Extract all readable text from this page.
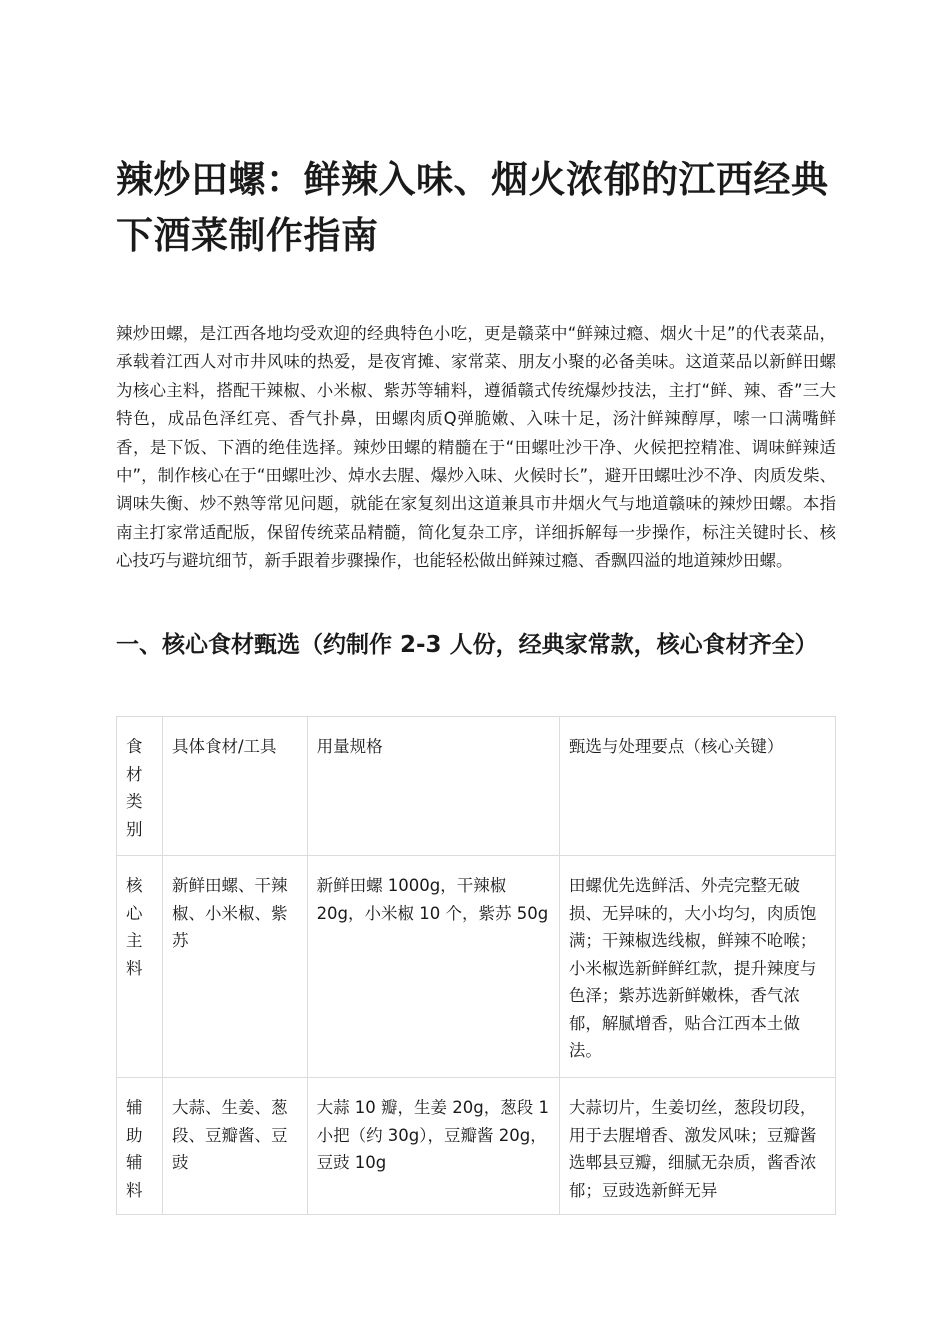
辣炒田螺：鲜辣入味、烟火浓郁的江西经典下酒菜制作指南

辣炒田螺，是江西各地均受欢迎的经典特色小吃，更是赣菜中“鲜辣过瘾、烟火十足”的代表菜品，承载着江西人对市井风味的热爱，是夜宵摊、家常菜、朋友小聚的必备美味。这道菜品以新鲜田螺为核心主料，搭配干辣椒、小米椒、紫苏等辅料，遵循赣式传统爆炒技法，主打“鲜、辣、香”三大特色，成品色泽红亮、香气扑鼻，田螺肉质Q弹脆嫩、入味十足，汤汁鲜辣醇厚，嗦一口满嘴鲜香，是下饭、下酒的绝佳选择。辣炒田螺的精髓在于“田螺吐沙干净、火候把控精准、调味鲜辣适中”，制作核心在于“田螺吐沙、焯水去腥、爆炒入味、火候时长”，避开田螺吐沙不净、肉质发柴、调味失衡、炒不熟等常见问题，就能在家复刻出这道兼具市井烟火气与地道赣味的辣炒田螺。本指南主打家常适配版，保留传统菜品精髓，简化复杂工序，详细拆解每一步操作，标注关键时长、核心技巧与避坑细节，新手跟着步骤操作，也能轻松做出鲜辣过瘾、香飘四溢的地道辣炒田螺。

一、核心食材甄选（约制作 2-3 人份，经典家常款，核心食材齐全）
食材类别	具体食材/工具	用量规格	甄选与处理要点（核心关键）
核心主料	新鲜田螺、干辣椒、小米椒、紫苏	新鲜田螺 1000g，干辣椒 20g，小米椒 10 个，紫苏 50g	田螺优先选鲜活、外壳完整无破损、无异味的，大小均匀，肉质饱满；干辣椒选线椒，鲜辣不呛喉；小米椒选新鲜鲜红款，提升辣度与色泽；紫苏选新鲜嫩株，香气浓郁，解腻增香，贴合江西本土做法。
辅助辅料	大蒜、生姜、葱段、豆瓣酱、豆豉	大蒜 10 瓣，生姜 20g，葱段 1 小把（约 30g），豆瓣酱 20g，豆豉 10g	大蒜切片，生姜切丝，葱段切段，用于去腥增香、激发风味；豆瓣酱选郫县豆瓣，细腻无杂质，酱香浓郁；豆豉选新鲜无异
